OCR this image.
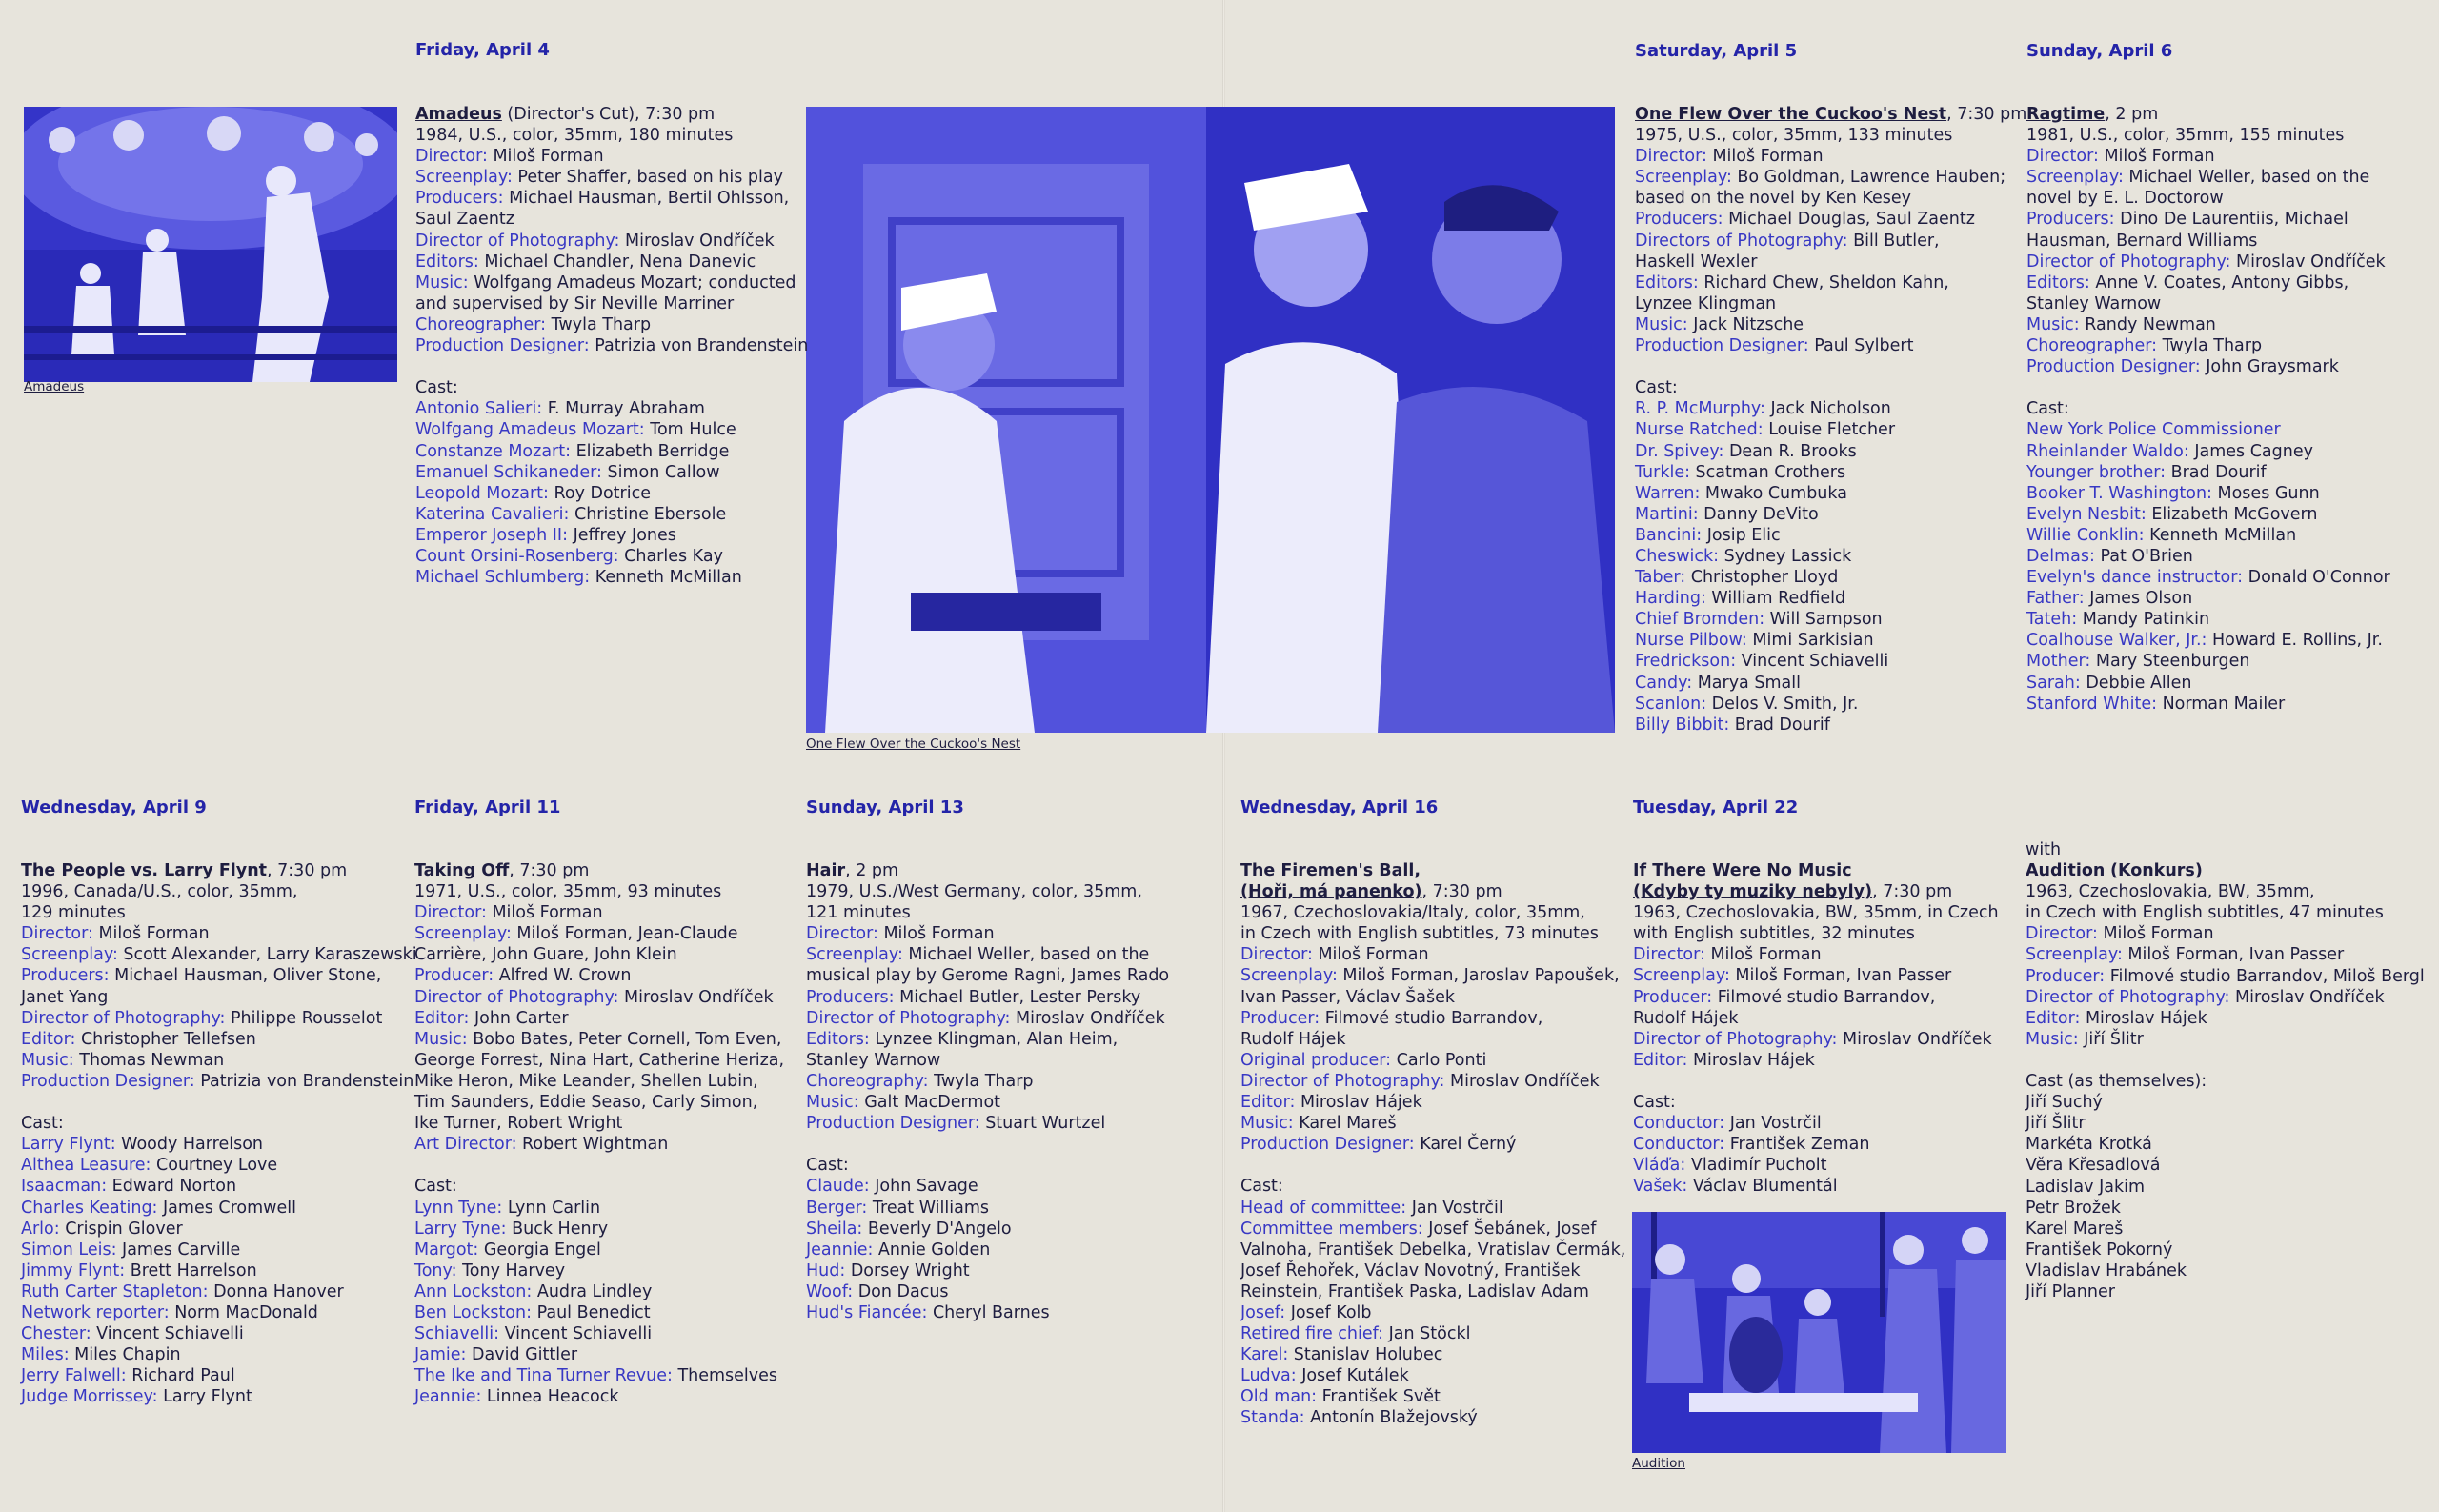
Friday, April 4	Saturday, April 5	Sunday, April 6
Wednesday, April 9	Friday, April 11	Sunday, April 13	Wednesday, April 16	Tuesday, April 22
Amadeus
One Flew Over the Cuckoo's Nest
Audition
Amadeus (Director's Cut), 7:30 pm
1984, U.S., color, 35mm, 180 minutes
Director: Miloš Forman
Screenplay: Peter Shaffer, based on his play
Producers: Michael Hausman, Bertil Ohlsson,
Saul Zaentz
Director of Photography: Miroslav Ondříček
Editors: Michael Chandler, Nena Danevic
Music: Wolfgang Amadeus Mozart; conducted
and supervised by Sir Neville Marriner
Choreographer: Twyla Tharp
Production Designer: Patrizia von Brandenstein
Cast:
Antonio Salieri: F. Murray Abraham
Wolfgang Amadeus Mozart: Tom Hulce
Constanze Mozart: Elizabeth Berridge
Emanuel Schikaneder: Simon Callow
Leopold Mozart: Roy Dotrice
Katerina Cavalieri: Christine Ebersole
Emperor Joseph II: Jeffrey Jones
Count Orsini-Rosenberg: Charles Kay
Michael Schlumberg: Kenneth McMillan
One Flew Over the Cuckoo's Nest, 7:30 pm
1975, U.S., color, 35mm, 133 minutes
Director: Miloš Forman
Screenplay: Bo Goldman, Lawrence Hauben;
based on the novel by Ken Kesey
Producers: Michael Douglas, Saul Zaentz
Directors of Photography: Bill Butler,
Haskell Wexler
Editors: Richard Chew, Sheldon Kahn,
Lynzee Klingman
Music: Jack Nitzsche
Production Designer: Paul Sylbert
Cast:
R. P. McMurphy: Jack Nicholson
Nurse Ratched: Louise Fletcher
Dr. Spivey: Dean R. Brooks
Turkle: Scatman Crothers
Warren: Mwako Cumbuka
Martini: Danny DeVito
Bancini: Josip Elic
Cheswick: Sydney Lassick
Taber: Christopher Lloyd
Harding: William Redfield
Chief Bromden: Will Sampson
Nurse Pilbow: Mimi Sarkisian
Fredrickson: Vincent Schiavelli
Candy: Marya Small
Scanlon: Delos V. Smith, Jr.
Billy Bibbit: Brad Dourif
Ragtime, 2 pm
1981, U.S., color, 35mm, 155 minutes
Director: Miloš Forman
Screenplay: Michael Weller, based on the
novel by E. L. Doctorow
Producers: Dino De Laurentiis, Michael
Hausman, Bernard Williams
Director of Photography: Miroslav Ondříček
Editors: Anne V. Coates, Antony Gibbs,
Stanley Warnow
Music: Randy Newman
Choreographer: Twyla Tharp
Production Designer: John Graysmark
Cast:
New York Police Commissioner
Rheinlander Waldo: James Cagney
Younger brother: Brad Dourif
Booker T. Washington: Moses Gunn
Evelyn Nesbit: Elizabeth McGovern
Willie Conklin: Kenneth McMillan
Delmas: Pat O'Brien
Evelyn's dance instructor: Donald O'Connor
Father: James Olson
Tateh: Mandy Patinkin
Coalhouse Walker, Jr.: Howard E. Rollins, Jr.
Mother: Mary Steenburgen
Sarah: Debbie Allen
Stanford White: Norman Mailer
The People vs. Larry Flynt, 7:30 pm
1996, Canada/U.S., color, 35mm,
129 minutes
Director: Miloš Forman
Screenplay: Scott Alexander, Larry Karaszewski
Producers: Michael Hausman, Oliver Stone,
Janet Yang
Director of Photography: Philippe Rousselot
Editor: Christopher Tellefsen
Music: Thomas Newman
Production Designer: Patrizia von Brandenstein
Cast:
Larry Flynt: Woody Harrelson
Althea Leasure: Courtney Love
Isaacman: Edward Norton
Charles Keating: James Cromwell
Arlo: Crispin Glover
Simon Leis: James Carville
Jimmy Flynt: Brett Harrelson
Ruth Carter Stapleton: Donna Hanover
Network reporter: Norm MacDonald
Chester: Vincent Schiavelli
Miles: Miles Chapin
Jerry Falwell: Richard Paul
Judge Morrissey: Larry Flynt
Taking Off, 7:30 pm
1971, U.S., color, 35mm, 93 minutes
Director: Miloš Forman
Screenplay: Miloš Forman, Jean-Claude
Carrière, John Guare, John Klein
Producer: Alfred W. Crown
Director of Photography: Miroslav Ondříček
Editor: John Carter
Music: Bobo Bates, Peter Cornell, Tom Even,
George Forrest, Nina Hart, Catherine Heriza,
Mike Heron, Mike Leander, Shellen Lubin,
Tim Saunders, Eddie Seaso, Carly Simon,
Ike Turner, Robert Wright
Art Director: Robert Wightman
Cast:
Lynn Tyne: Lynn Carlin
Larry Tyne: Buck Henry
Margot: Georgia Engel
Tony: Tony Harvey
Ann Lockston: Audra Lindley
Ben Lockston: Paul Benedict
Schiavelli: Vincent Schiavelli
Jamie: David Gittler
The Ike and Tina Turner Revue: Themselves
Jeannie: Linnea Heacock
Hair, 2 pm
1979, U.S./West Germany, color, 35mm,
121 minutes
Director: Miloš Forman
Screenplay: Michael Weller, based on the
musical play by Gerome Ragni, James Rado
Producers: Michael Butler, Lester Persky
Director of Photography: Miroslav Ondříček
Editors: Lynzee Klingman, Alan Heim,
Stanley Warnow
Choreography: Twyla Tharp
Music: Galt MacDermot
Production Designer: Stuart Wurtzel
Cast:
Claude: John Savage
Berger: Treat Williams
Sheila: Beverly D'Angelo
Jeannie: Annie Golden
Hud: Dorsey Wright
Woof: Don Dacus
Hud's Fiancée: Cheryl Barnes
The Firemen's Ball,
(Hoři, má panenko), 7:30 pm
1967, Czechoslovakia/Italy, color, 35mm,
in Czech with English subtitles, 73 minutes
Director: Miloš Forman
Screenplay: Miloš Forman, Jaroslav Papoušek,
Ivan Passer, Václav Šašek
Producer: Filmové studio Barrandov,
Rudolf Hájek
Original producer: Carlo Ponti
Director of Photography: Miroslav Ondříček
Editor: Miroslav Hájek
Music: Karel Mareš
Production Designer: Karel Černý
Cast:
Head of committee: Jan Vostrčil
Committee members: Josef Šebánek, Josef
Valnoha, František Debelka, Vratislav Čermák,
Josef Řehořek, Václav Novotný, František
Reinstein, František Paska, Ladislav Adam
Josef: Josef Kolb
Retired fire chief: Jan Stöckl
Karel: Stanislav Holubec
Ludva: Josef Kutálek
Old man: František Svět
Standa: Antonín Blažejovský
If There Were No Music
(Kdyby ty muziky nebyly), 7:30 pm
1963, Czechoslovakia, BW, 35mm, in Czech
with English subtitles, 32 minutes
Director: Miloš Forman
Screenplay: Miloš Forman, Ivan Passer
Producer: Filmové studio Barrandov,
Rudolf Hájek
Director of Photography: Miroslav Ondříček
Editor: Miroslav Hájek
Cast:
Conductor: Jan Vostrčil
Conductor: František Zeman
Vláďa: Vladimír Pucholt
Vašek: Václav Blumentál
with
Audition (Konkurs)
1963, Czechoslovakia, BW, 35mm,
in Czech with English subtitles, 47 minutes
Director: Miloš Forman
Screenplay: Miloš Forman, Ivan Passer
Producer: Filmové studio Barrandov, Miloš Bergl
Director of Photography: Miroslav Ondříček
Editor: Miroslav Hájek
Music: Jiří Šlitr
Cast (as themselves):
Jiří Suchý
Jiří Šlitr
Markéta Krotká
Věra Křesadlová
Ladislav Jakim
Petr Brožek
Karel Mareš
František Pokorný
Vladislav Hrabánek
Jiří Planner
